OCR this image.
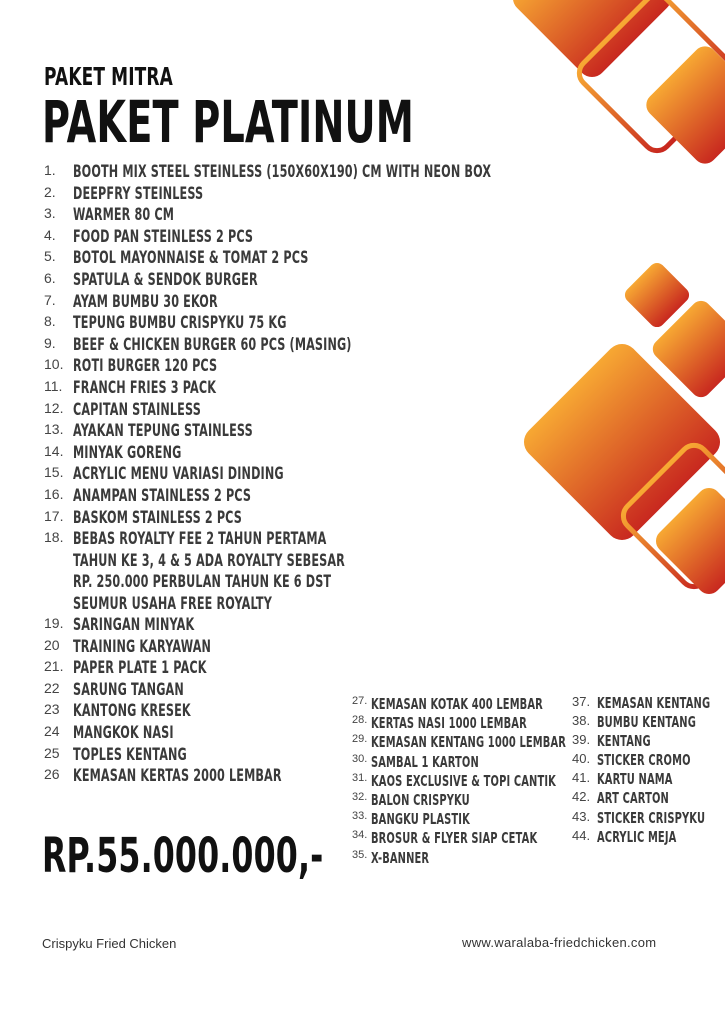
PAKET MITRA
PAKET PLATINUM
1. BOOTH MIX STEEL STEINLESS (150X60X190) CM WITH NEON BOX
2. DEEPFRY STEINLESS
3. WARMER 80 CM
4. FOOD PAN STEINLESS 2 PCS
5. BOTOL MAYONNAISE & TOMAT 2 PCS
6. SPATULA & SENDOK BURGER
7. AYAM BUMBU 30 EKOR
8. TEPUNG BUMBU CRISPYKU 75 KG
9. BEEF & CHICKEN BURGER 60 PCS (MASING)
10. ROTI BURGER 120 PCS
11. FRANCH FRIES 3 PACK
12. CAPITAN STAINLESS
13. AYAKAN TEPUNG STAINLESS
14. MINYAK GORENG
15. ACRYLIC MENU VARIASI DINDING
16. ANAMPAN STAINLESS 2 PCS
17. BASKOM STAINLESS 2 PCS
18. BEBAS ROYALTY FEE 2 TAHUN PERTAMA
TAHUN KE 3, 4 & 5 ADA ROYALTY SEBESAR
RP. 250.000 PERBULAN TAHUN KE 6 DST
SEUMUR USAHA FREE ROYALTY
19. SARINGAN MINYAK
20 TRAINING KARYAWAN
21. PAPER PLATE 1 PACK
22 SARUNG TANGAN
23 KANTONG KRESEK
24 MANGKOK NASI
25 TOPLES KENTANG
26 KEMASAN KERTAS 2000 LEMBAR
27. KEMASAN KOTAK 400 LEMBAR
28. KERTAS NASI 1000 LEMBAR
29. KEMASAN KENTANG 1000 LEMBAR
30. SAMBAL 1 KARTON
31. KAOS EXCLUSIVE & TOPI CANTIK
32. BALON CRISPYKU
33. BANGKU PLASTIK
34. BROSUR & FLYER SIAP CETAK
35. X-BANNER
37. KEMASAN KENTANG
38. BUMBU KENTANG
39. KENTANG
40. STICKER CROMO
41. KARTU NAMA
42. ART CARTON
43. STICKER CRISPYKU
44. ACRYLIC MEJA
RP.55.000.000,-
Crispyku Fried Chicken	www.waralaba-friedchicken.com
